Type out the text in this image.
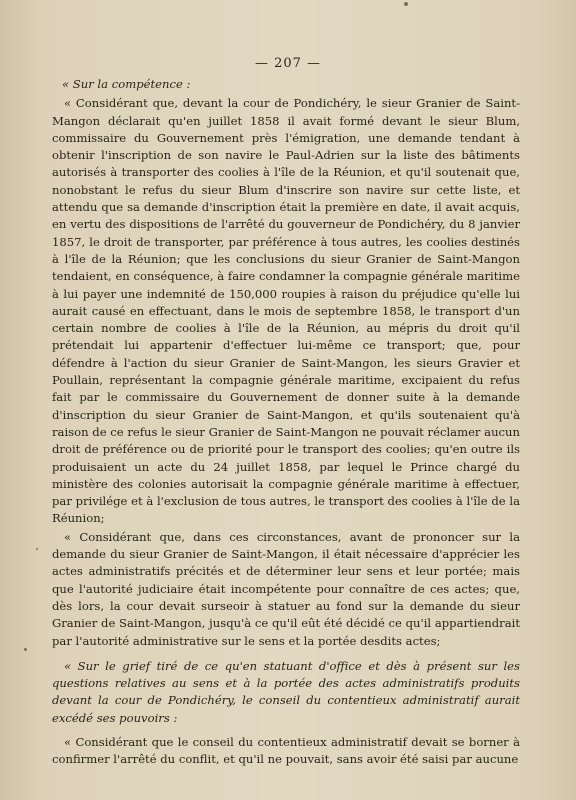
— 207 —

« Sur la compétence :

« Considérant que, devant la cour de Pondichéry, le sieur Granier de Saint-Mangon déclarait qu'en juillet 1858 il avait formé devant le sieur Blum, commissaire du Gouvernement près l'émigration, une demande tendant à obtenir l'inscription de son navire le Paul-Adrien sur la liste des bâtiments autorisés à transporter des coolies à l'île de la Réunion, et qu'il soutenait que, nonobstant le refus du sieur Blum d'inscrire son navire sur cette liste, et attendu que sa demande d'inscription était la première en date, il avait acquis, en vertu des dispositions de l'arrêté du gouverneur de Pondichéry, du 8 janvier 1857, le droit de transporter, par préférence à tous autres, les coolies destinés à l'île de la Réunion; que les conclusions du sieur Granier de Saint-Mangon tendaient, en conséquence, à faire condamner la compagnie générale maritime à lui payer une indemnité de 150,000 roupies à raison du préjudice qu'elle lui aurait causé en effectuant, dans le mois de septembre 1858, le transport d'un certain nombre de coolies à l'île de la Réunion, au mépris du droit qu'il prétendait lui appartenir d'effectuer lui-même ce transport; que, pour défendre à l'action du sieur Granier de Saint-Mangon, les sieurs Gravier et Poullain, représentant la compagnie générale maritime, excipaient du refus fait par le commissaire du Gouvernement de donner suite à la demande d'inscription du sieur Granier de Saint-Mangon, et qu'ils soutenaient qu'à raison de ce refus le sieur Granier de Saint-Mangon ne pouvait réclamer aucun droit de préférence ou de priorité pour le transport des coolies; qu'en outre ils produisaient un acte du 24 juillet 1858, par lequel le Prince chargé du ministère des colonies autorisait la compagnie générale maritime à effectuer, par privilége et à l'exclusion de tous autres, le transport des coolies à l'île de la Réunion;

« Considérant que, dans ces circonstances, avant de prononcer sur la demande du sieur Granier de Saint-Mangon, il était nécessaire d'apprécier les actes administratifs précités et de déterminer leur sens et leur portée; mais que l'autorité judiciaire était incompétente pour connaître de ces actes; que, dès lors, la cour devait surseoir à statuer au fond sur la demande du sieur Granier de Saint-Mangon, jusqu'à ce qu'il eût été décidé ce qu'il appartiendrait par l'autorité administrative sur le sens et la portée desdits actes;

« Sur le grief tiré de ce qu'en statuant d'office et dès à présent sur les questions relatives au sens et à la portée des actes administratifs produits devant la cour de Pondichéry, le conseil du contentieux administratif aurait excédé ses pouvoirs :

« Considérant que le conseil du contentieux administratif devait se borner à confirmer l'arrêté du conflit, et qu'il ne pouvait, sans avoir été saisi par aucune
